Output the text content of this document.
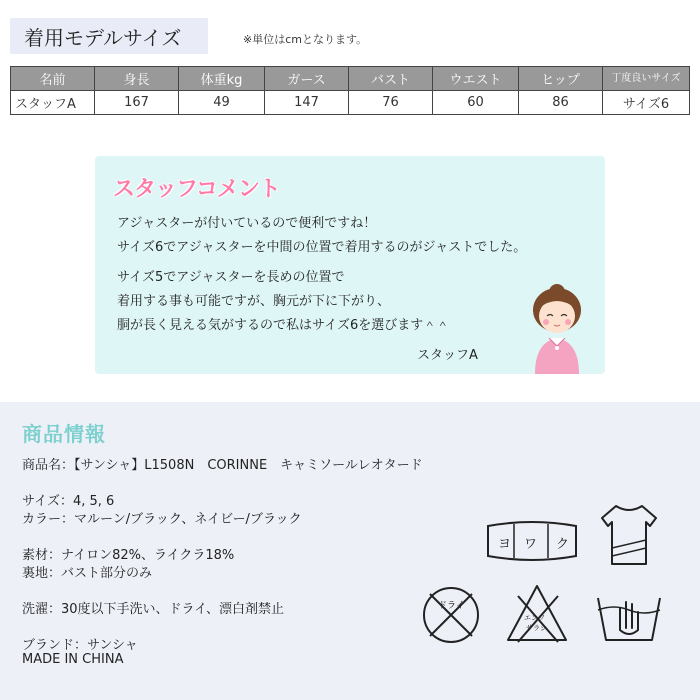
着用モデルサイズ	※単位はcmとなります。
名前	身長	体重kg	ガース	バスト	ウエスト	ヒップ	丁度良いサイズ
スタッフA	167	49	147	76	60	86	サイズ6
スタッフコメント
アジャスターが付いているので便利ですね！
サイズ6でアジャスターを中間の位置で着用するのがジャストでした。
サイズ5でアジャスターを長めの位置で
着用する事も可能ですが、胸元が下に下がり、
胴が長く見える気がするので私はサイズ6を選びます＾＾
スタッフA
商品情報
商品名：【サンシャ】L1508N　CORINNE　キャミソールレオタード
サイズ：4, 5, 6
カラー：マルーン/ブラック、ネイビー/ブラック
素材：ナイロン82%、ライクラ18%
裏地：バスト部分のみ
洗濯：30度以下手洗い、ドライ、漂白剤禁止
ブランド：サンシャ
MADE IN CHINA
ヨ ワ ク
ドライ
エンソ
サラシ
